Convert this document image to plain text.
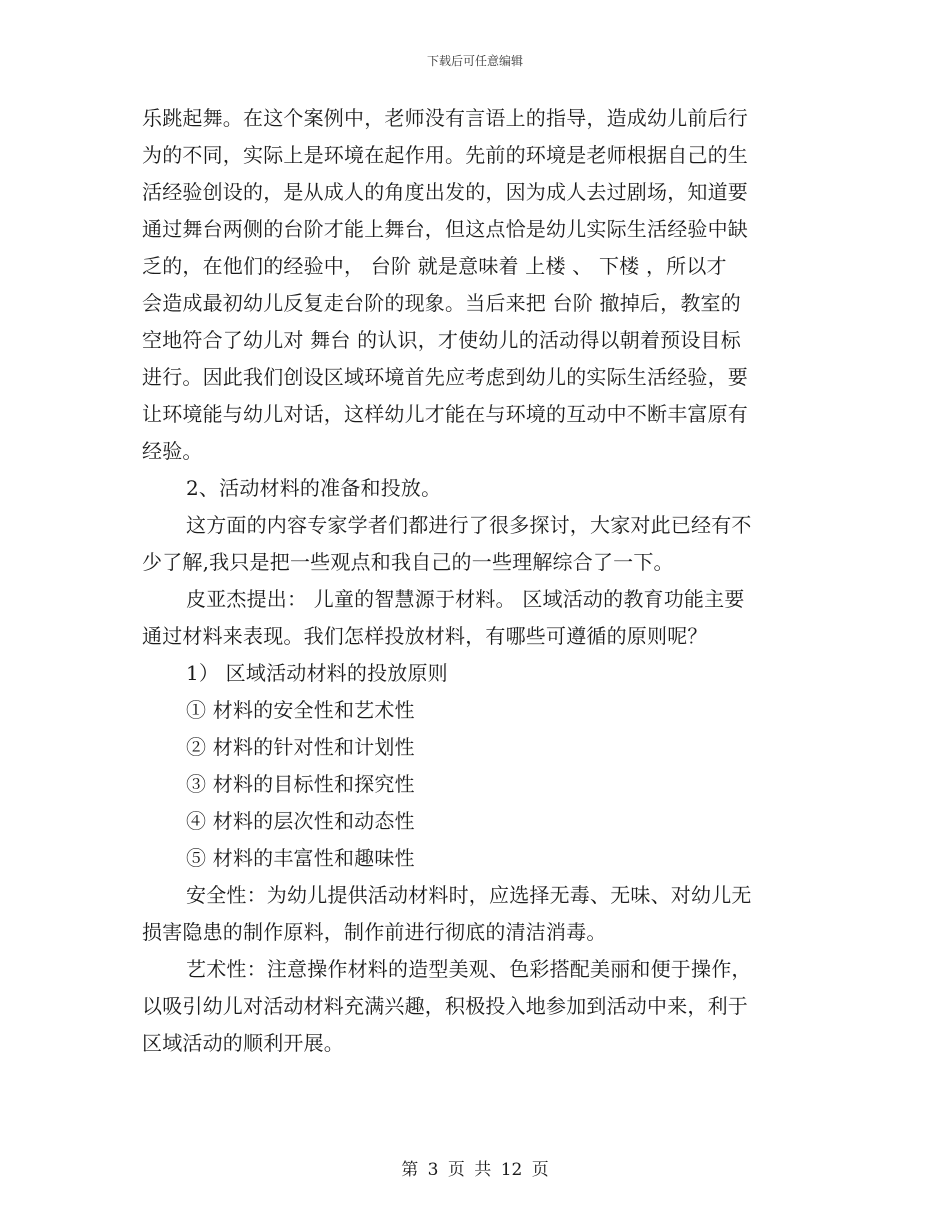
下载后可任意编辑
乐跳起舞。在这个案例中，老师没有言语上的指导，造成幼儿前后行
为的不同，实际上是环境在起作用。先前的环境是老师根据自己的生
活经验创设的，是从成人的角度出发的，因为成人去过剧场，知道要
通过舞台两侧的台阶才能上舞台，但这点恰是幼儿实际生活经验中缺
乏的，在他们的经验中， 台阶 就是意味着 上楼 、 下楼 ，所以才
会造成最初幼儿反复走台阶的现象。当后来把 台阶 撤掉后，教室的
空地符合了幼儿对 舞台 的认识，才使幼儿的活动得以朝着预设目标
进行。因此我们创设区域环境首先应考虑到幼儿的实际生活经验，要
让环境能与幼儿对话，这样幼儿才能在与环境的互动中不断丰富原有
经验。
2、活动材料的准备和投放。
这方面的内容专家学者们都进行了很多探讨，大家对此已经有不
少了解,我只是把一些观点和我自己的一些理解综合了一下。
皮亚杰提出： 儿童的智慧源于材料。 区域活动的教育功能主要
通过材料来表现。我们怎样投放材料，有哪些可遵循的原则呢？
1） 区域活动材料的投放原则
① 材料的安全性和艺术性
② 材料的针对性和计划性
③ 材料的目标性和探究性
④ 材料的层次性和动态性
⑤ 材料的丰富性和趣味性
安全性：为幼儿提供活动材料时，应选择无毒、无味、对幼儿无
损害隐患的制作原料，制作前进行彻底的清洁消毒。
艺术性：注意操作材料的造型美观、色彩搭配美丽和便于操作，
以吸引幼儿对活动材料充满兴趣，积极投入地参加到活动中来，利于
区域活动的顺利开展。
第 3 页 共 12 页
